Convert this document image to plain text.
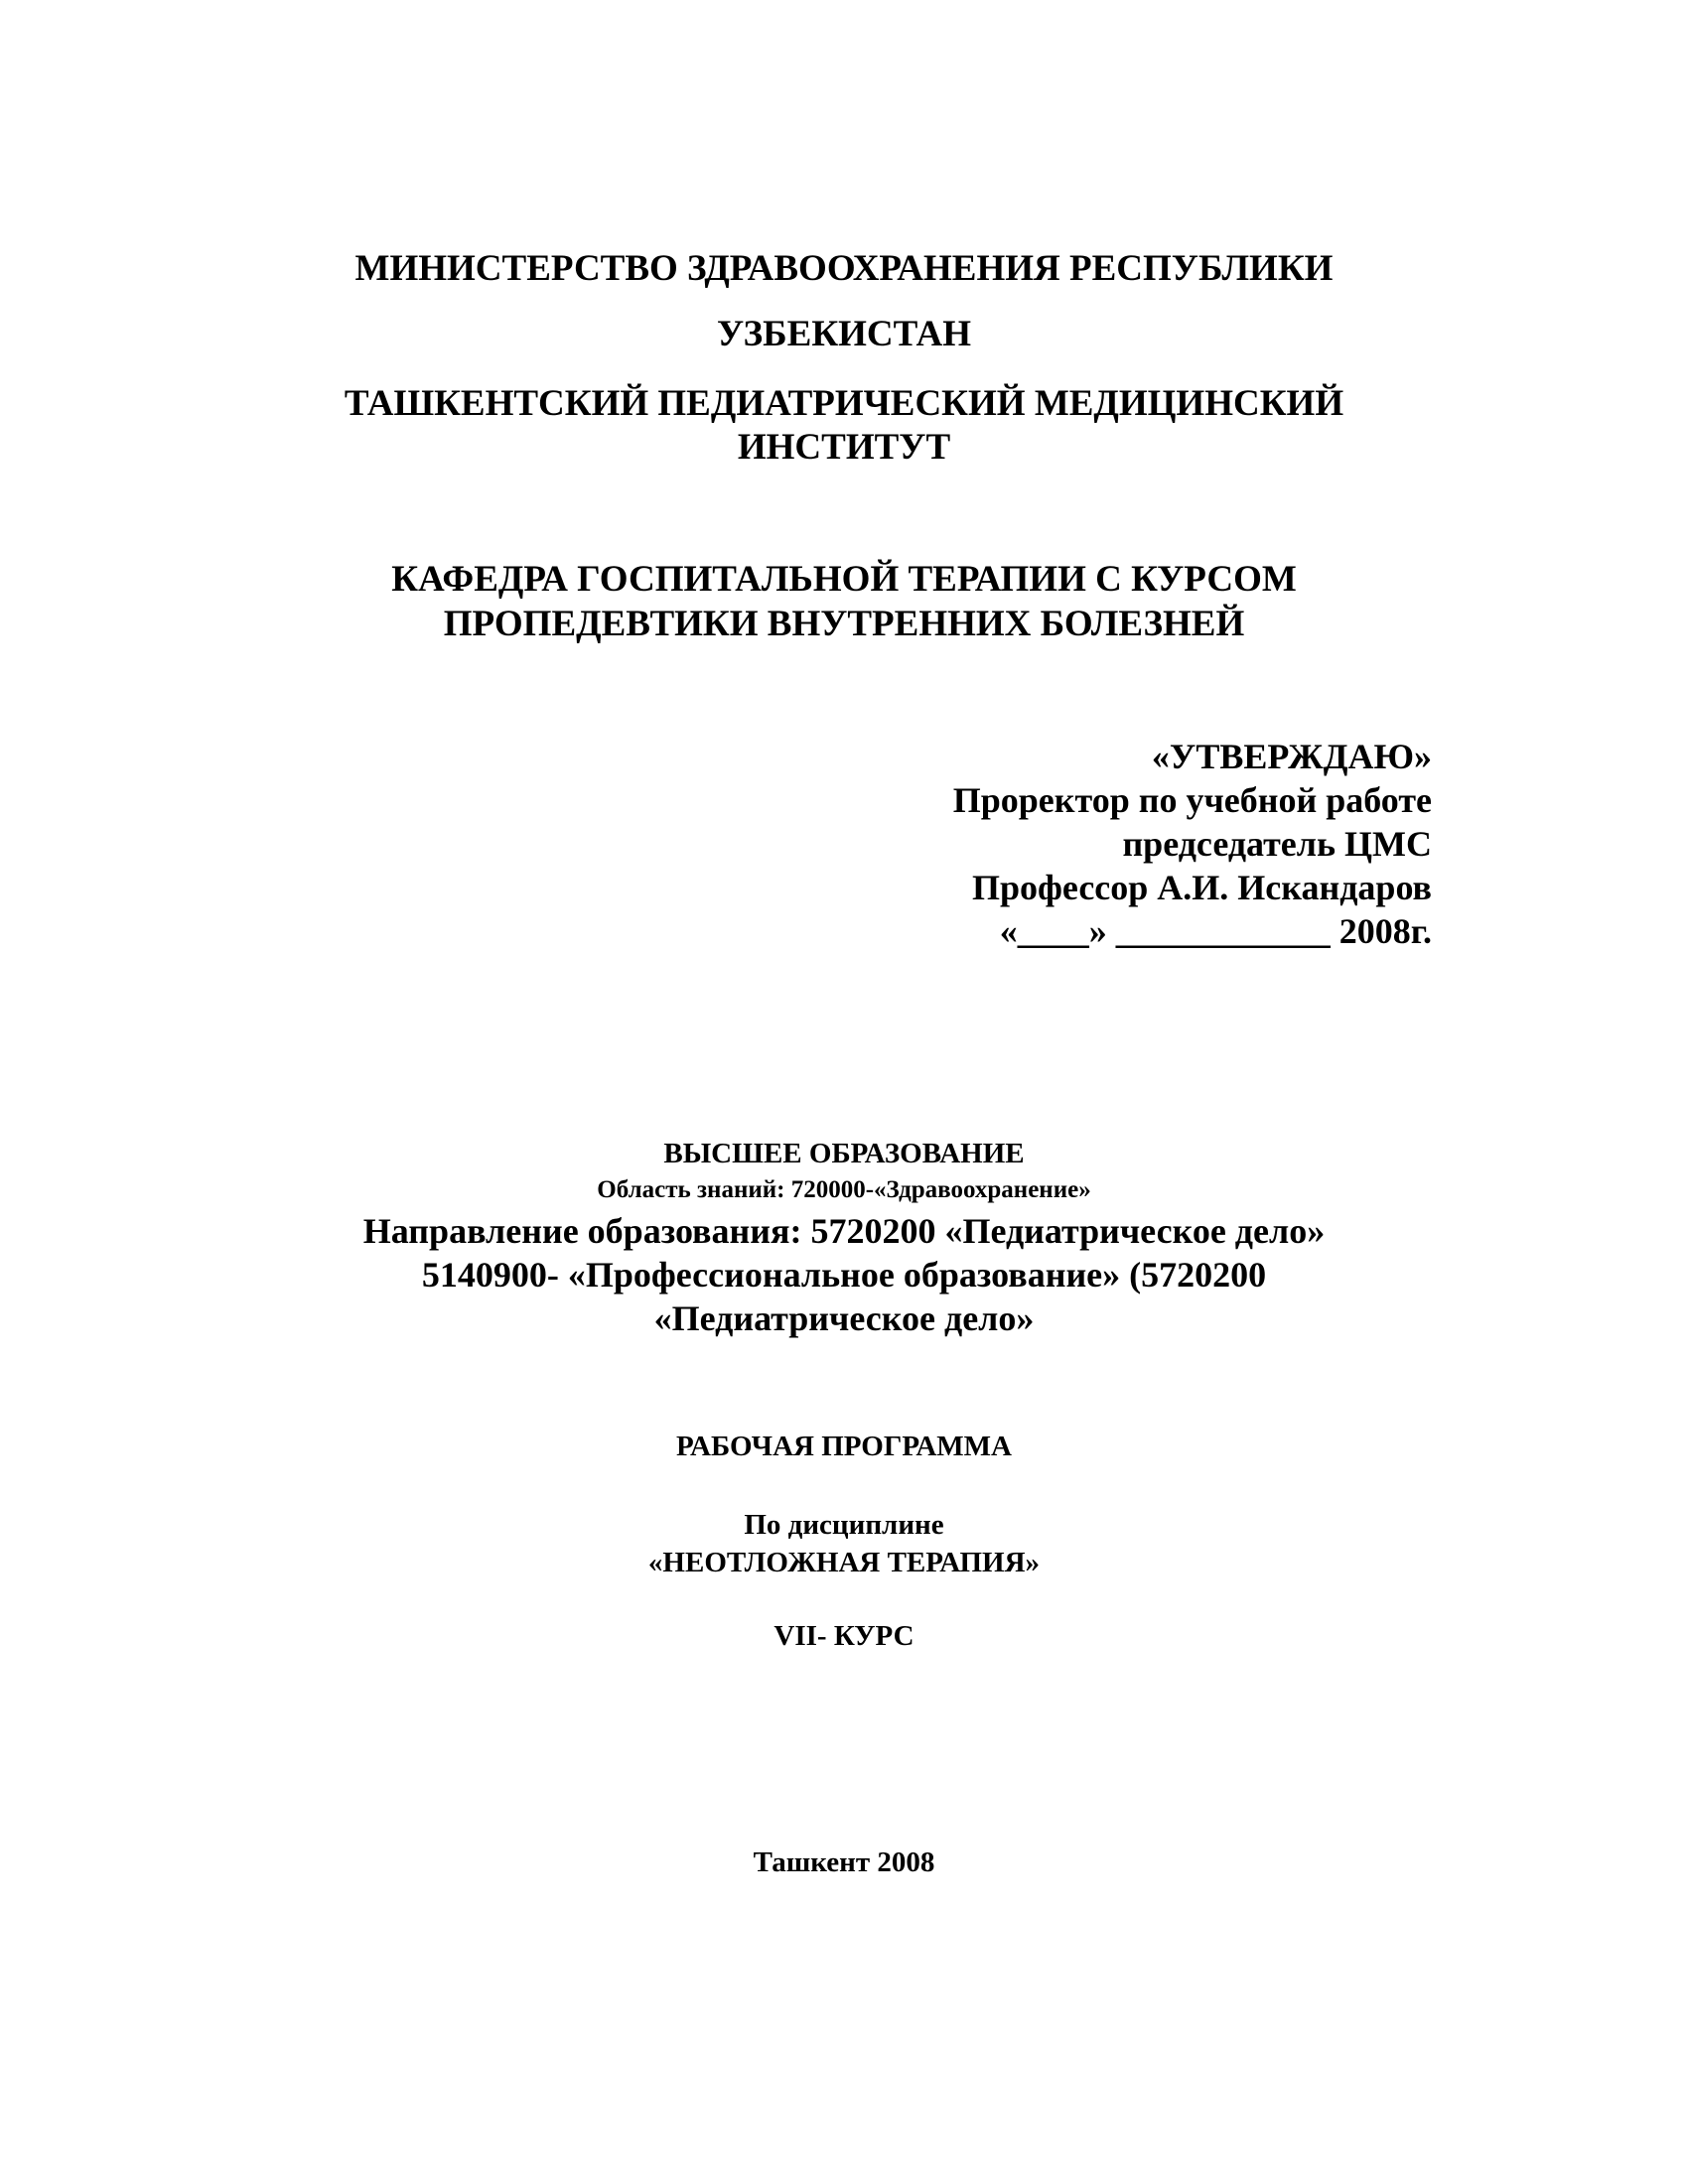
МИНИСТЕРСТВО ЗДРАВООХРАНЕНИЯ РЕСПУБЛИКИ
УЗБЕКИСТАН
ТАШКЕНТСКИЙ ПЕДИАТРИЧЕСКИЙ МЕДИЦИНСКИЙ
ИНСТИТУТ
КАФЕДРА ГОСПИТАЛЬНОЙ ТЕРАПИИ С КУРСОМ
ПРОПЕДЕВТИКИ ВНУТРЕННИХ БОЛЕЗНЕЙ
«УТВЕРЖДАЮ»
Проректор по учебной работе
председатель ЦМС
Профессор А.И. Искандаров
«____» ____________ 2008г.
ВЫСШЕЕ ОБРАЗОВАНИЕ
Область знаний: 720000-«Здравоохранение»
Направление образования: 5720200 «Педиатрическое дело»
5140900- «Профессиональное образование» (5720200
«Педиатрическое дело»
РАБОЧАЯ ПРОГРАММА
По дисциплине
«НЕОТЛОЖНАЯ ТЕРАПИЯ»
VII- КУРС
Ташкент 2008
